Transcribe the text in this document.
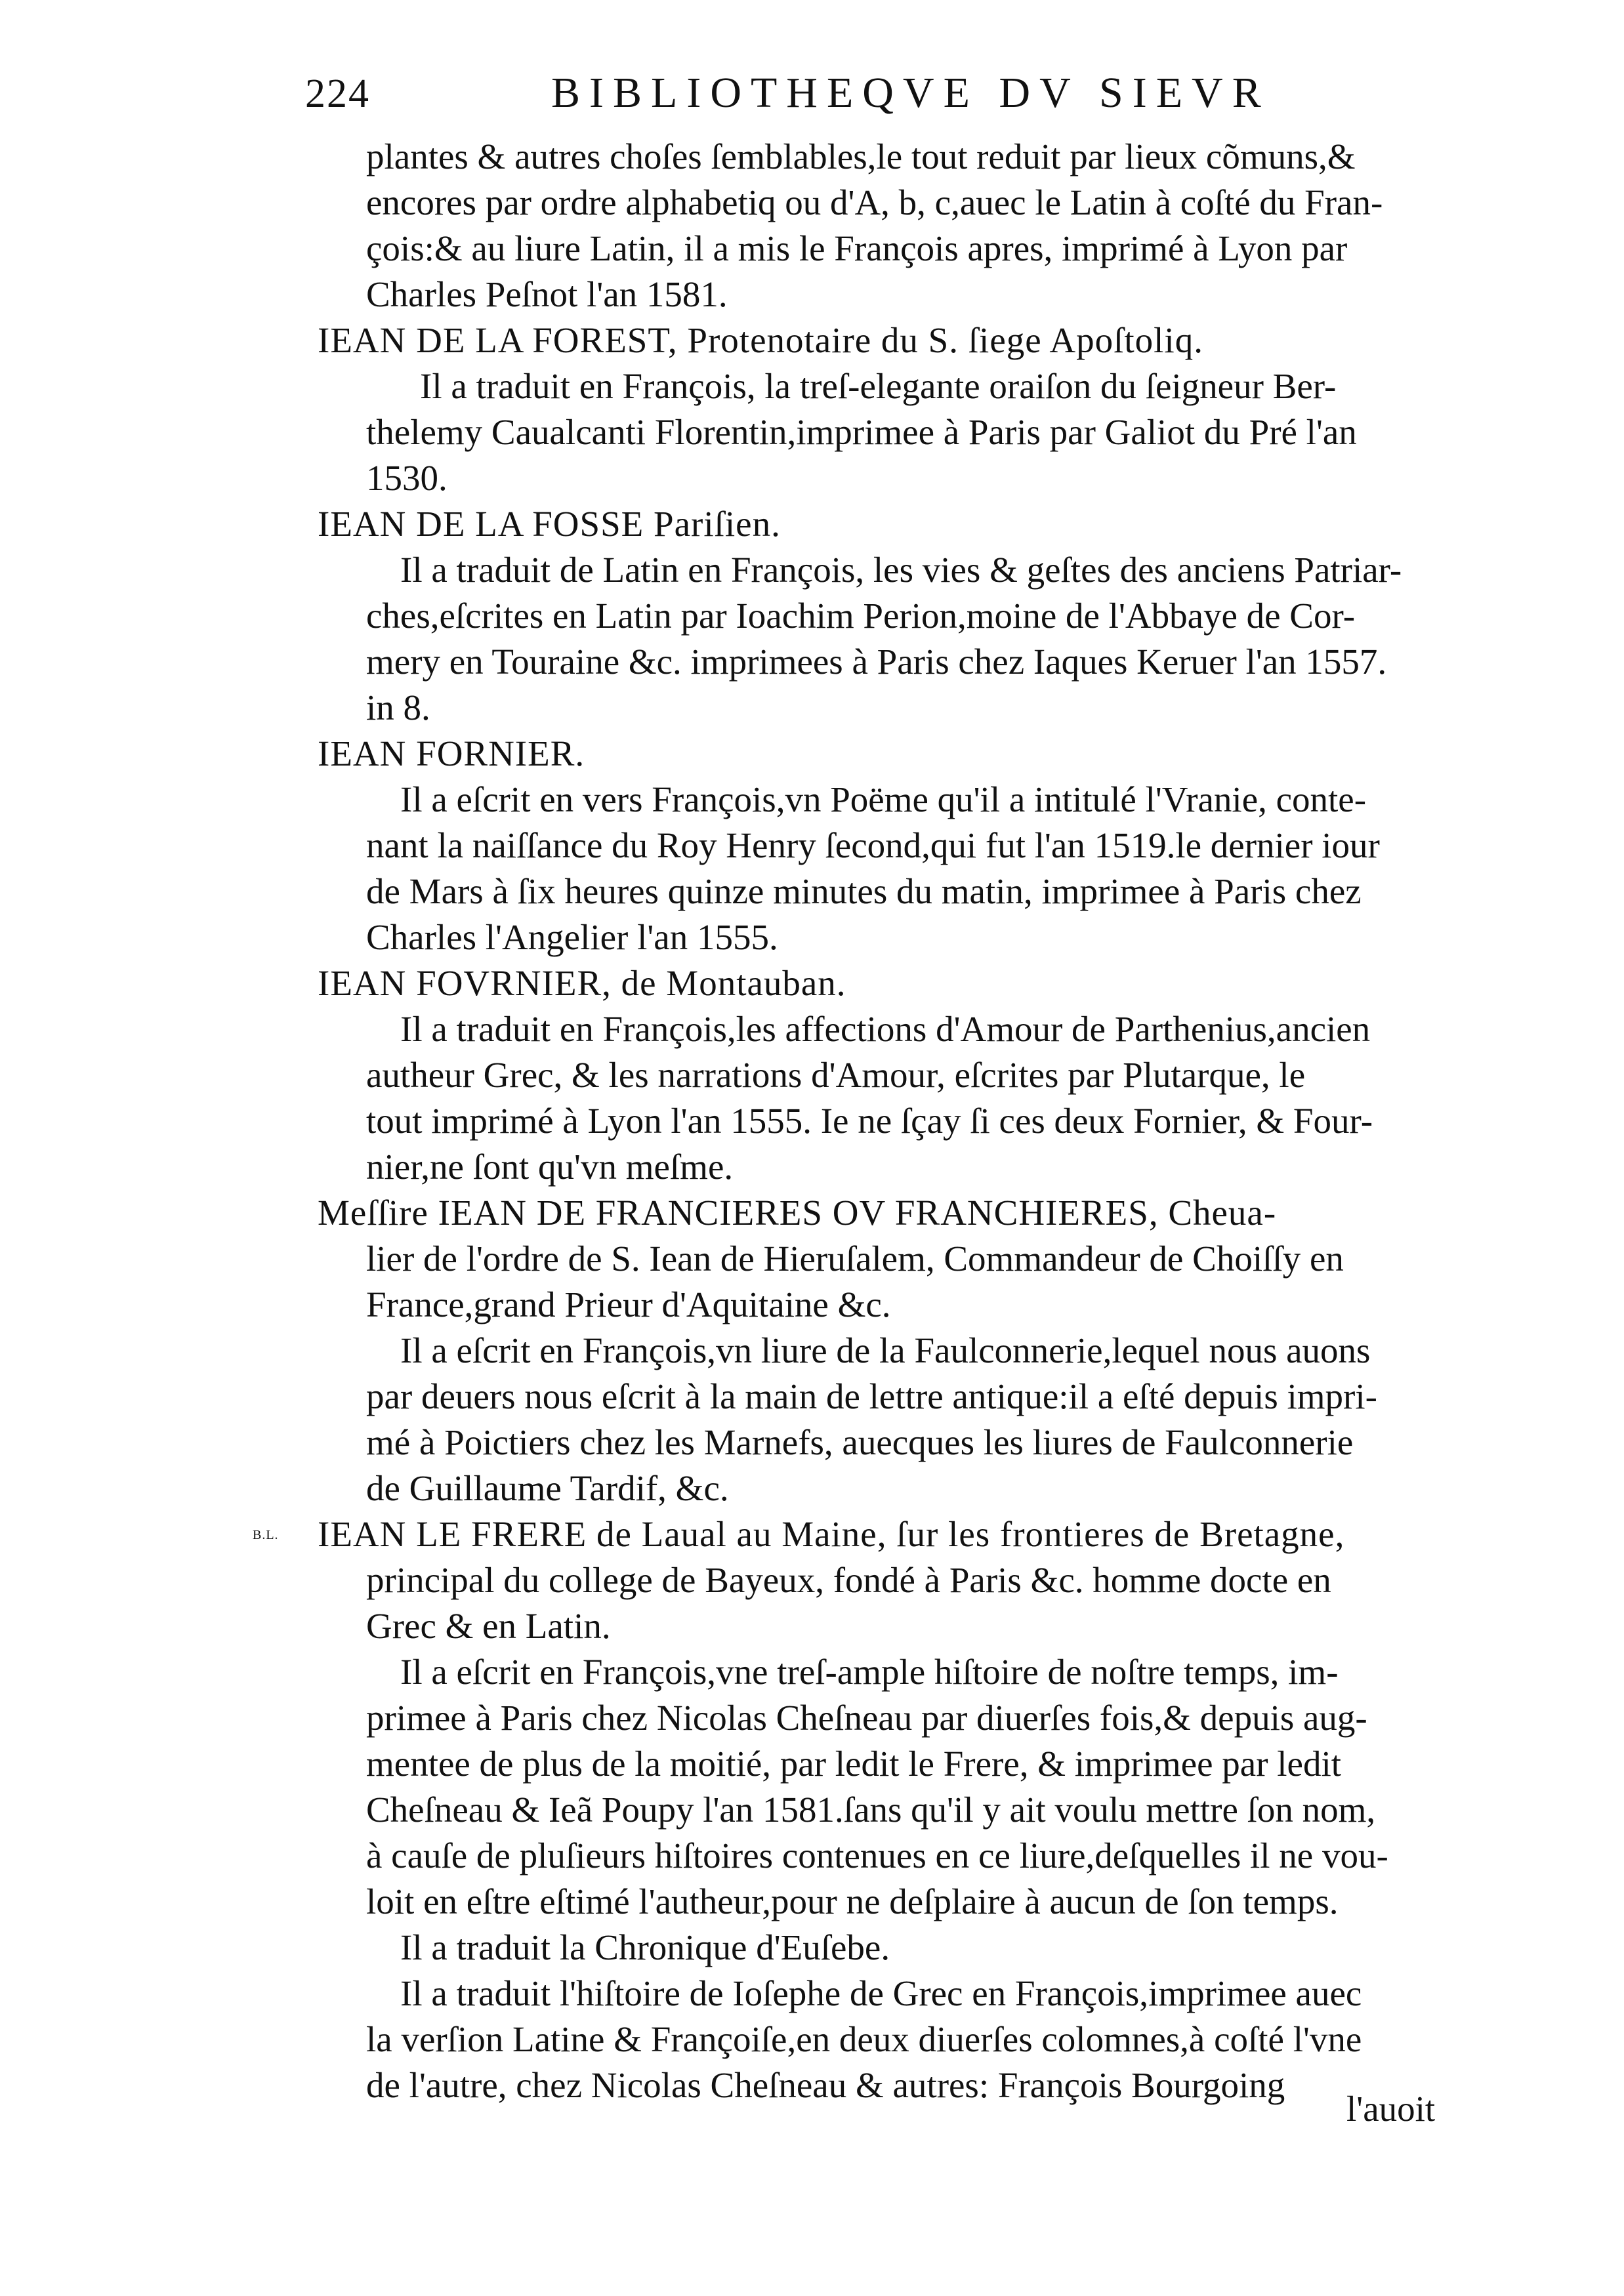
224	BIBLIOTHEQVE DV SIEVR
B.L.
plantes & autres choſes ſemblables,le tout reduit par lieux cõmuns,&
encores par ordre alphabetiq ou d'A, b, c,auec le Latin à coſté du Fran-
çois:& au liure Latin, il a mis le François apres, imprimé à Lyon par
Charles Peſnot l'an 1581.
IEAN DE LA FOREST, Protenotaire du S. ſiege Apoſtoliq.
Il a traduit en François, la treſ-elegante oraiſon du ſeigneur Ber-
thelemy Caualcanti Florentin,imprimee à Paris par Galiot du Pré l'an
1530.
IEAN DE LA FOSSE Pariſien.
Il a traduit de Latin en François, les vies & geſtes des anciens Patriar-
ches,eſcrites en Latin par Ioachim Perion,moine de l'Abbaye de Cor-
mery en Touraine &c. imprimees à Paris chez Iaques Keruer l'an 1557.
in 8.
IEAN FORNIER.
Il a eſcrit en vers François,vn Poëme qu'il a intitulé l'Vranie, conte-
nant la naiſſance du Roy Henry ſecond,qui fut l'an 1519.le dernier iour
de Mars à ſix heures quinze minutes du matin, imprimee à Paris chez
Charles l'Angelier l'an 1555.
IEAN FOVRNIER, de Montauban.
Il a traduit en François,les affections d'Amour de Parthenius,ancien
autheur Grec, & les narrations d'Amour, eſcrites par Plutarque, le
tout imprimé à Lyon l'an 1555. Ie ne ſçay ſi ces deux Fornier, & Four-
nier,ne ſont qu'vn meſme.
Meſſire IEAN DE FRANCIERES OV FRANCHIERES, Cheua-
lier de l'ordre de S. Iean de Hieruſalem, Commandeur de Choiſſy en
France,grand Prieur d'Aquitaine &c.
Il a eſcrit en François,vn liure de la Faulconnerie,lequel nous auons
par deuers nous eſcrit à la main de lettre antique:il a eſté depuis impri-
mé à Poictiers chez les Marnefs, auecques les liures de Faulconnerie
de Guillaume Tardif, &c.
IEAN LE FRERE de Laual au Maine, ſur les frontieres de Bretagne,
principal du college de Bayeux, fondé à Paris &c. homme docte en
Grec & en Latin.
Il a eſcrit en François,vne treſ-ample hiſtoire de noſtre temps, im-
primee à Paris chez Nicolas Cheſneau par diuerſes fois,& depuis aug-
mentee de plus de la moitié, par ledit le Frere, & imprimee par ledit
Cheſneau & Ieã Poupy l'an 1581.ſans qu'il y ait voulu mettre ſon nom,
à cauſe de pluſieurs hiſtoires contenues en ce liure,deſquelles il ne vou-
loit en eſtre eſtimé l'autheur,pour ne deſplaire à aucun de ſon temps.
Il a traduit la Chronique d'Euſebe.
Il a traduit l'hiſtoire de Ioſephe de Grec en François,imprimee auec
la verſion Latine & Françoiſe,en deux diuerſes colomnes,à coſté l'vne
de l'autre, chez Nicolas Cheſneau & autres: François Bourgoing
l'auoit
